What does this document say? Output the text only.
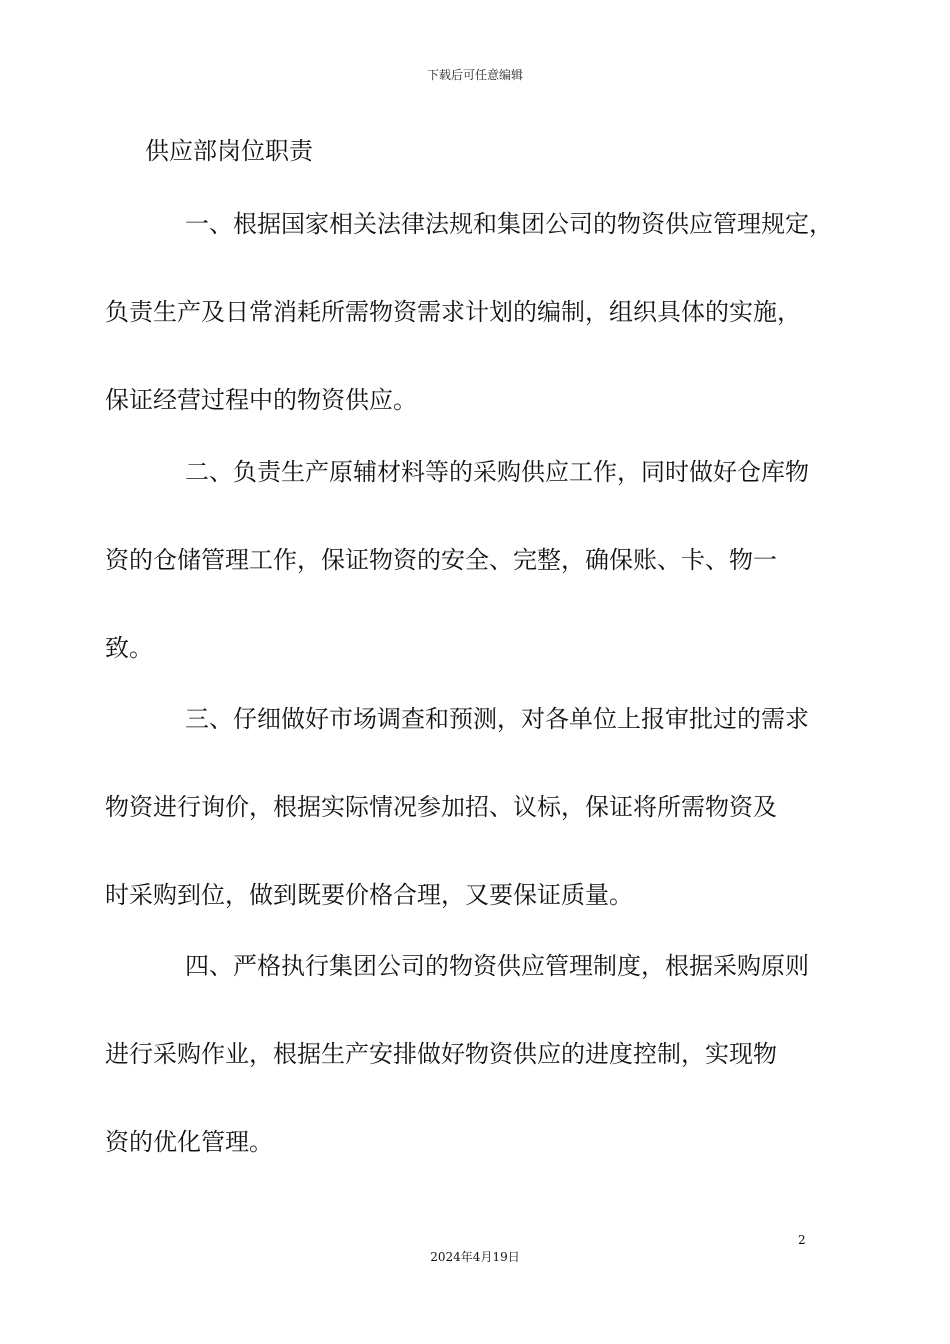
下载后可任意编辑
供应部岗位职责
一、根据国家相关法律法规和集团公司的物资供应管理规定，
负责生产及日常消耗所需物资需求计划的编制，组织具体的实施，
保证经营过程中的物资供应。
二、负责生产原辅材料等的采购供应工作，同时做好仓库物
资的仓储管理工作，保证物资的安全、完整，确保账、卡、物一
致。
三、仔细做好市场调查和预测，对各单位上报审批过的需求
物资进行询价，根据实际情况参加招、议标，保证将所需物资及
时采购到位，做到既要价格合理，又要保证质量。
四、严格执行集团公司的物资供应管理制度，根据采购原则
进行采购作业，根据生产安排做好物资供应的进度控制，实现物
资的优化管理。
2
2024年4月19日
